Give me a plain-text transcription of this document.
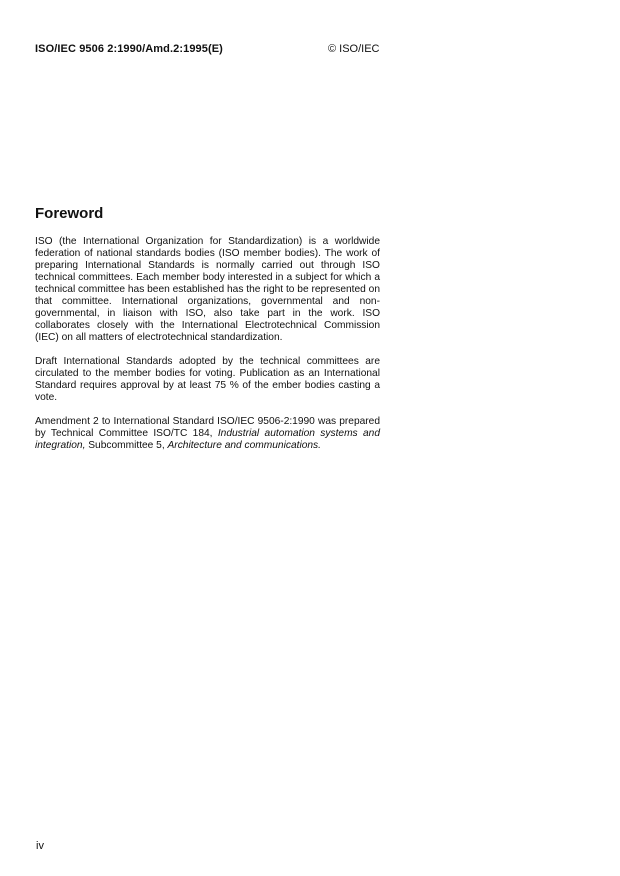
ISO/IEC 9506 2:1990/Amd.2:1995(E)	© ISO/IEC
Foreword

ISO (the International Organization for Standardization) is a worldwide federation of national standards bodies (ISO member bodies). The work of preparing International Standards is normally carried out through ISO technical committees. Each member body interested in a subject for which a technical committee has been established has the right to be represented on that committee. International organizations, governmental and non-governmental, in liaison with ISO, also take part in the work. ISO collaborates closely with the International Electrotechnical Commission (IEC) on all matters of electrotechnical standardization.

Draft International Standards adopted by the technical committees are circulated to the member bodies for voting. Publication as an International Standard requires approval by at least 75 % of the ember bodies casting a vote.

Amendment 2 to International Standard ISO/IEC 9506-2:1990 was prepared by Technical Committee ISO/TC 184, Industrial automation systems and integration, Subcommittee 5, Architecture and communications.

iv
